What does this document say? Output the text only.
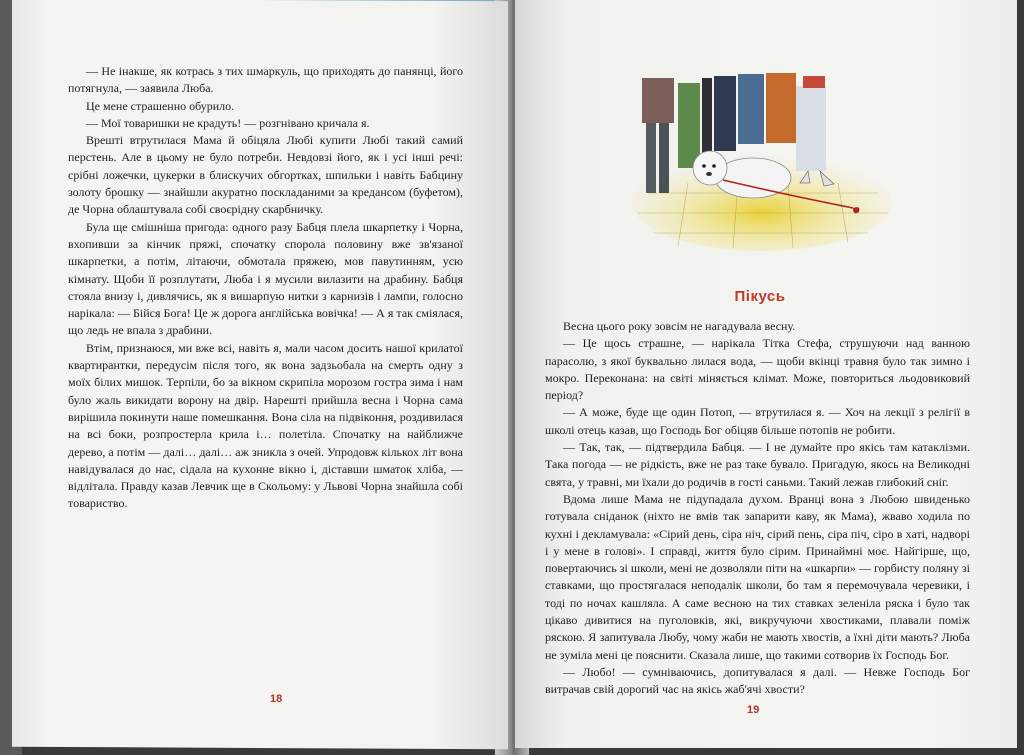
— Не інакше, як котрась з тих шмаркуль, що приходять до панянці, його потягнула, — заявила Люба.

Це мене страшенно обурило.

— Мої товаришки не крадуть! — розгнівано кричала я.

Врешті втрутилася Мама й обіцяла Любі купити Любі такий самий перстень. Але в цьому не було потреби. Невдовзі його, як і усі інші речі: срібні ложечки, цукерки в блискучих обгортках, шпильки і навіть Бабцину золоту брошку — знайшли акуратно поскладаними за кредансом (буфетом), де Чорна облаштувала собі своєрідну скарбничку.

Була ще смішніша пригода: одного разу Бабця плела шкарпетку і Чорна, вхопивши за кінчик пряжі, спочатку спорола половину вже зв'язаної шкарпетки, а потім, літаючи, обмотала пряжею, мов павутинням, усю кімнату. Щоби її розплутати, Люба і я мусили вилазити на драбину. Бабця стояла внизу і, дивлячись, як я вишарпую нитки з карнизів і лампи, голосно нарікала: — Бійся Бога! Це ж дорога англійська вовічка! — А я так сміялася, що ледь не впала з драбини.

Втім, признаюся, ми вже всі, навіть я, мали часом досить нашої крилатої квартирантки, передусім після того, як вона задзьобала на смерть одну з моїх білих мишок. Терпіли, бо за вікном скрипіла морозом гостра зима і нам було жаль викидати ворону на двір. Нарешті прийшла весна і Чорна сама вирішила покинути наше помешкання. Вона сіла на підвіконня, роздивилася на всі боки, розпростерла крила і… полетіла. Спочатку на найближче дерево, а потім — далі… далі… аж зникла з очей. Упродовж кількох літ вона навідувалася до нас, сідала на кухонне вікно і, діставши шматок хліба, — відлітала. Правду казав Левчик ще в Скольому: у Львові Чорна знайшла собі товариство.

18
Пікусь

Весна цього року зовсім не нагадувала весну.

— Це щось страшне, — нарікала Тітка Стефа, струшуючи над ванною парасолю, з якої буквально лилася вода, — щоби вкінці травня було так зимно і мокро. Переконана: на світі міняється клімат. Може, повториться льодовиковий період?

— А може, буде ще один Потоп, — втрутилася я. — Хоч на лекції з релігії в школі отець казав, що Господь Бог обіцяв більше потопів не робити.

— Так, так, — підтвердила Бабця. — І не думайте про якісь там катаклізми. Така погода — не рідкість, вже не раз таке бувало. Пригадую, якось на Великодні свята, у травні, ми їхали до родичів в гості саньми. Такий лежав глибокий сніг.

Вдома лише Мама не підупадала духом. Вранці вона з Любою швиденько готувала сніданок (ніхто не вмів так запарити каву, як Мама), жваво ходила по кухні і декламувала: «Сірий день, сіра ніч, сірий пень, сіра піч, сіро в хаті, надворі і у мене в голові». І справді, життя було сірим. Принаймні моє. Найгірше, що, повертаючись зі школи, мені не дозволяли піти на «шкарпи» — горбисту поляну зі ставками, що простягалася неподалік школи, бо там я перемочувала черевики, і тоді по ночах кашляла. А саме весною на тих ставках зеленіла ряска і було так цікаво дивитися на пуголовків, які, викручуючи хвостиками, плавали поміж ряскою. Я запитувала Любу, чому жаби не мають хвостів, а їхні діти мають? Люба не зуміла мені це пояснити. Сказала лише, що такими сотворив їх Господь Бог.

— Любо! — сумніваючись, допитувалася я далі. — Невже Господь Бог витрачав свій дорогий час на якісь жаб'ячі хвости?

19
